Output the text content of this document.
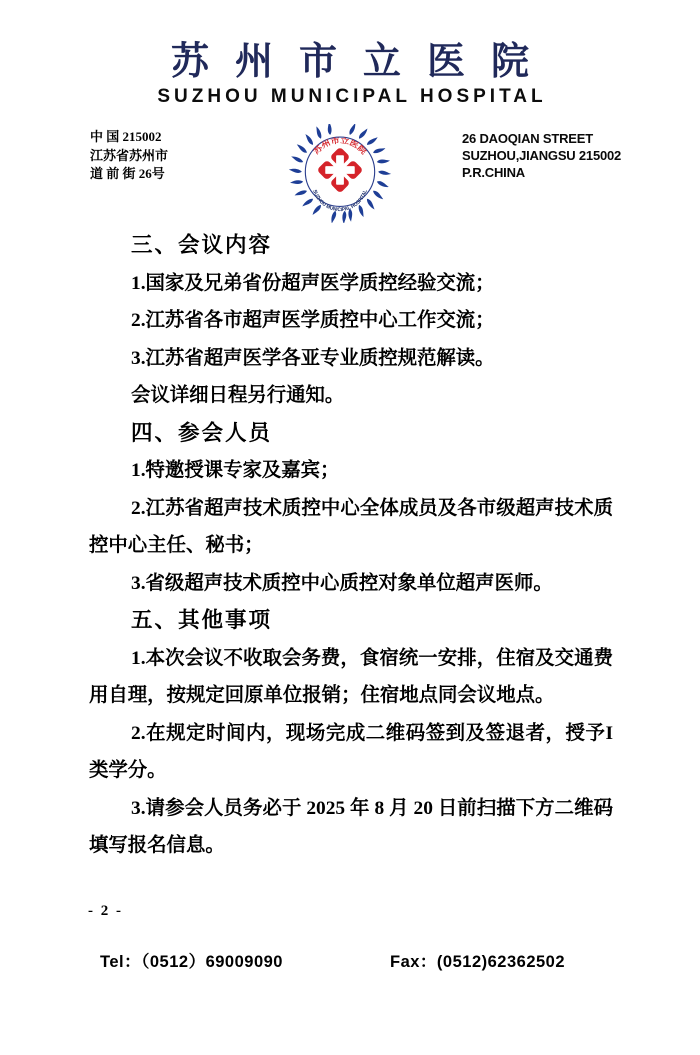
苏州市立医院
SUZHOU MUNICIPAL HOSPITAL
中 国 215002
江苏省苏州市
道 前 街 26号
26 DAOQIAN STREET
SUZHOU,JIANGSU 215002
P.R.CHINA
苏州市立医院
SUZHOU MUNICIPAL HOSPITAL

三、会议内容

1.国家及兄弟省份超声医学质控经验交流；

2.江苏省各市超声医学质控中心工作交流；

3.江苏省超声医学各亚专业质控规范解读。

会议详细日程另行通知。

四、参会人员

1.特邀授课专家及嘉宾；

2.江苏省超声技术质控中心全体成员及各市级超声技术质控中心主任、秘书；

3.省级超声技术质控中心质控对象单位超声医师。

五、其他事项

1.本次会议不收取会务费，食宿统一安排，住宿及交通费用自理，按规定回原单位报销；住宿地点同会议地点。

2.在规定时间内，现场完成二维码签到及签退者，授予I类学分。

3.请参会人员务必于 2025 年 8 月 20 日前扫描下方二维码填写报名信息。

- 2 -
Tel：（0512）69009090	Fax：(0512)62362502
